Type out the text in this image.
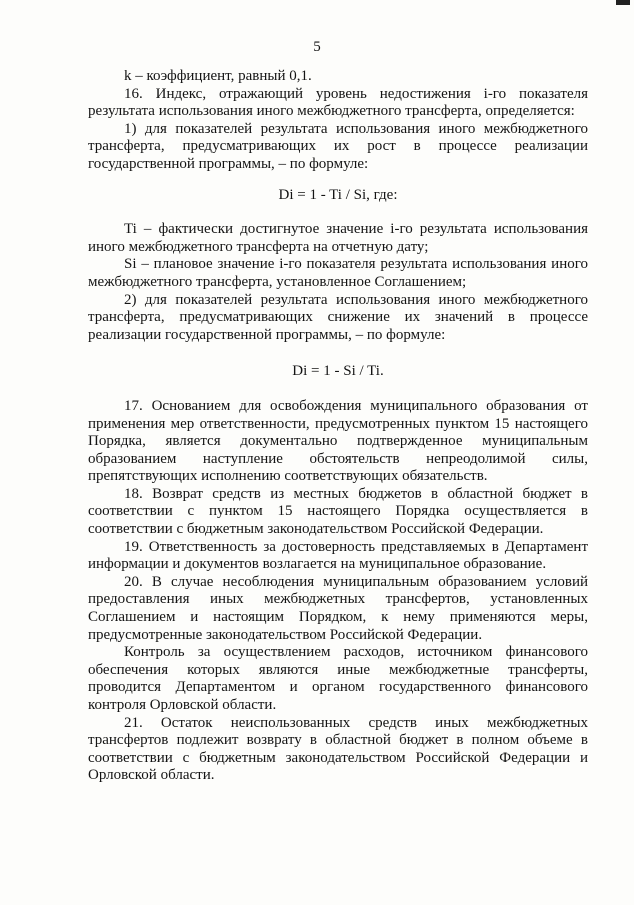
5

k – коэффициент, равный 0,1.

16. Индекс, отражающий уровень недостижения i-го показателя результата использования иного межбюджетного трансферта, определяется:

1) для показателей результата использования иного межбюджетного трансферта, предусматривающих их рост в процессе реализации государственной программы, – по формуле:

Di = 1 - Ti / Si, где:

Ti – фактически достигнутое значение i-го результата использования иного межбюджетного трансферта на отчетную дату;

Si – плановое значение i-го показателя результата использования иного межбюджетного трансферта, установленное Соглашением;

2) для показателей результата использования иного межбюджетного трансферта, предусматривающих снижение их значений в процессе реализации государственной программы, – по формуле:

Di = 1 - Si / Ti.

17. Основанием для освобождения муниципального образования от применения мер ответственности, предусмотренных пунктом 15 настоящего Порядка, является документально подтвержденное муниципальным образованием наступление обстоятельств непреодолимой силы, препятствующих исполнению соответствующих обязательств.

18. Возврат средств из местных бюджетов в областной бюджет в соответствии с пунктом 15 настоящего Порядка осуществляется в соответствии с бюджетным законодательством Российской Федерации.

19. Ответственность за достоверность представляемых в Департамент информации и документов возлагается на муниципальное образование.

20. В случае несоблюдения муниципальным образованием условий предоставления иных межбюджетных трансфертов, установленных Соглашением и настоящим Порядком, к нему применяются меры, предусмотренные законодательством Российской Федерации.

Контроль за осуществлением расходов, источником финансового обеспечения которых являются иные межбюджетные трансферты, проводится Департаментом и органом государственного финансового контроля Орловской области.

21. Остаток неиспользованных средств иных межбюджетных трансфертов подлежит возврату в областной бюджет в полном объеме в соответствии с бюджетным законодательством Российской Федерации и Орловской области.
